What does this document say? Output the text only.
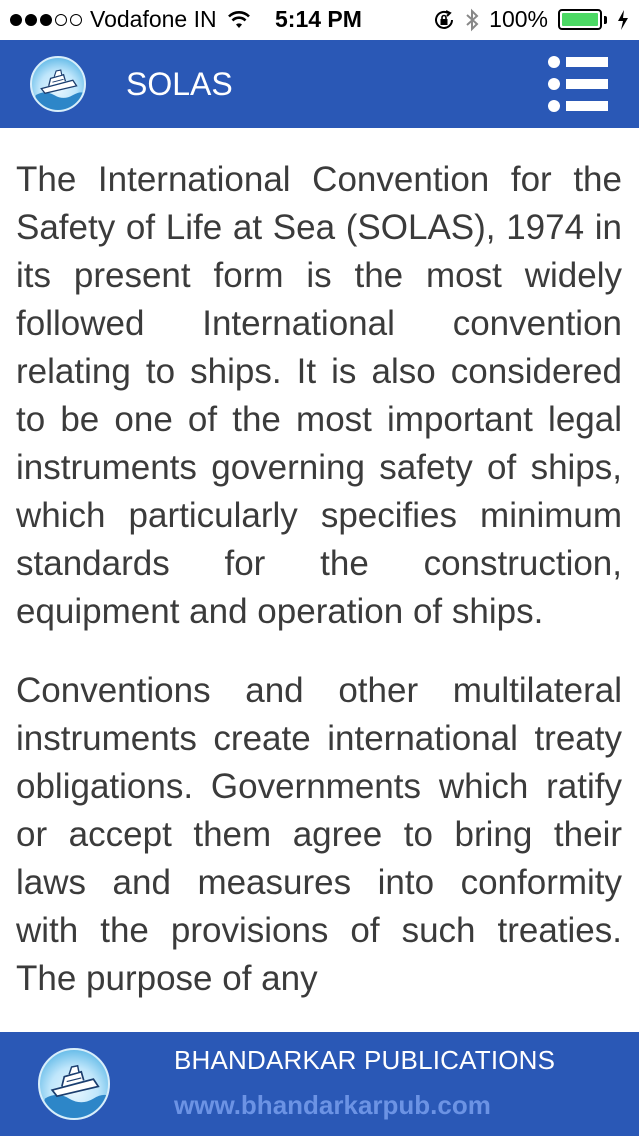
Vodafone IN	5:14 PM	100%
SOLAS

The International Convention for the Safety of Life at Sea (SOLAS), 1974 in its present form is the most widely followed International convention relating to ships. It is also considered to be one of the most important legal instruments governing safety of ships, which particularly specifies minimum standards for the construction, equipment and operation of ships.

Conventions and other multilateral instruments create international treaty obligations. Governments which ratify or accept them agree to bring their laws and measures into conformity with the provisions of such treaties. The purpose of any

BHANDARKAR PUBLICATIONS
www.bhandarkarpub.com
